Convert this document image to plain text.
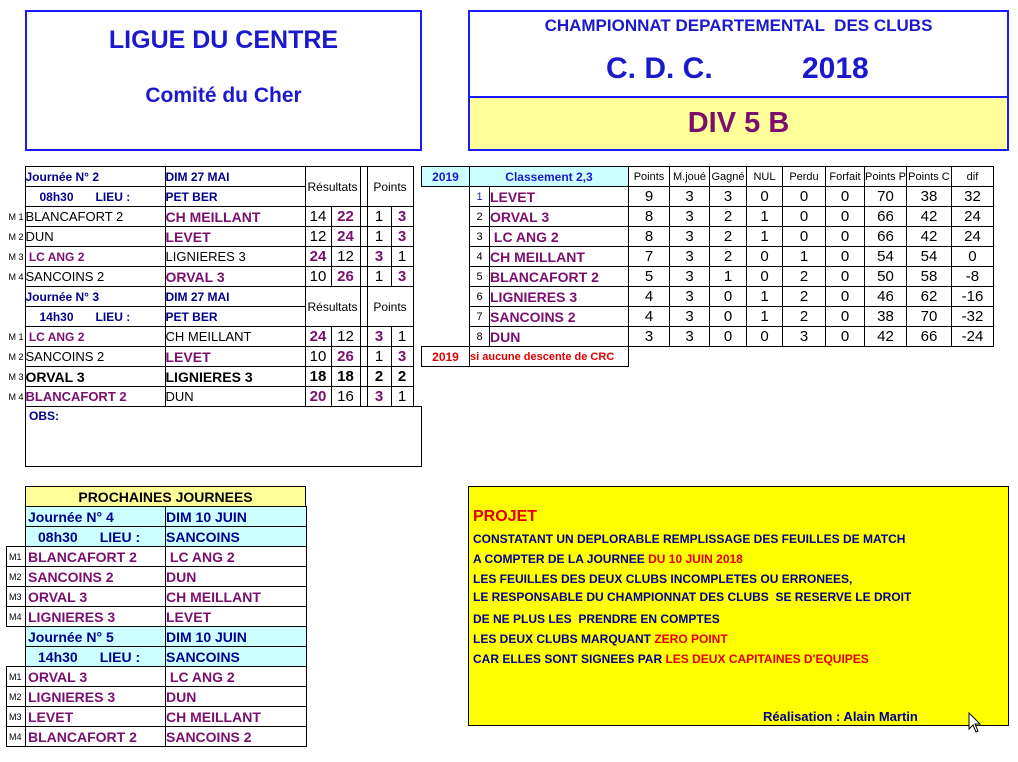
LIGUE DU CENTRE
Comité du Cher
CHAMPIONNAT DEPARTEMENTAL  DES CLUBS
C. D. C.	2018
DIV 5 B
	Journée N° 2	DIM 27 MAI	Résultats			Points	
	08h30 LIEU :	PET BER					
M 1	BLANCAFORT 2	CH MEILLANT	14	22		1	3
M 2	DUN	LEVET	12	24		1	3
M 3	LC ANG 2	LIGNIERES 3	24	12		3	1
M 4	SANCOINS 2	ORVAL 3	10	26		1	3
	Journée N° 3	DIM 27 MAI	Résultats			Points	
	14h30 LIEU :	PET BER					
M 1	LC ANG 2	CH MEILLANT	24	12		3	1
M 2	SANCOINS 2	LEVET	10	26		1	3
M 3	ORVAL 3	LIGNIERES 3	18	18		2	2
M 4	BLANCAFORT 2	DUN	20	16		3	1
OBS:
2019	Classement 2,3		Points	M.joué	Gagné	NUL	Perdu	Forfait	Points P	Points C	dif
	1	LEVET	9	3	3	0	0	0	70	38	32
	2	ORVAL 3	8	3	2	1	0	0	66	42	24
	3	LC ANG 2	8	3	2	1	0	0	66	42	24
	4	CH MEILLANT	7	3	2	0	1	0	54	54	0
	5	BLANCAFORT 2	5	3	1	0	2	0	50	58	-8
	6	LIGNIERES 3	4	3	0	1	2	0	46	62	-16
	7	SANCOINS 2	4	3	0	1	2	0	38	70	-32
	8	DUN	3	3	0	0	3	0	42	66	-24
2019	si aucune descente de CRC										
PROCHAINES JOURNEES
	Journée N° 4	DIM 10 JUIN
	08h30 LIEU :	SANCOINS
M1	BLANCAFORT 2	LC ANG 2
M2	SANCOINS 2	DUN
M3	ORVAL 3	CH MEILLANT
M4	LIGNIERES 3	LEVET
	Journée N° 5	DIM 10 JUIN
	14h30 LIEU :	SANCOINS
M1	ORVAL 3	LC ANG 2
M2	LIGNIERES 3	DUN
M3	LEVET	CH MEILLANT
M4	BLANCAFORT 2	SANCOINS 2
PROJET
CONSTATANT UN DEPLORABLE REMPLISSAGE DES FEUILLES DE MATCH
A COMPTER DE LA JOURNEE DU 10 JUIN 2018
LES FEUILLES DES DEUX CLUBS INCOMPLETES OU ERRONEES,
LE RESPONSABLE DU CHAMPIONNAT DES CLUBS  SE RESERVE LE DROIT
DE NE PLUS LES  PRENDRE EN COMPTES
LES DEUX CLUBS MARQUANT ZERO POINT
CAR ELLES SONT SIGNEES PAR LES DEUX CAPITAINES D'EQUIPES
Réalisation : Alain Martin
